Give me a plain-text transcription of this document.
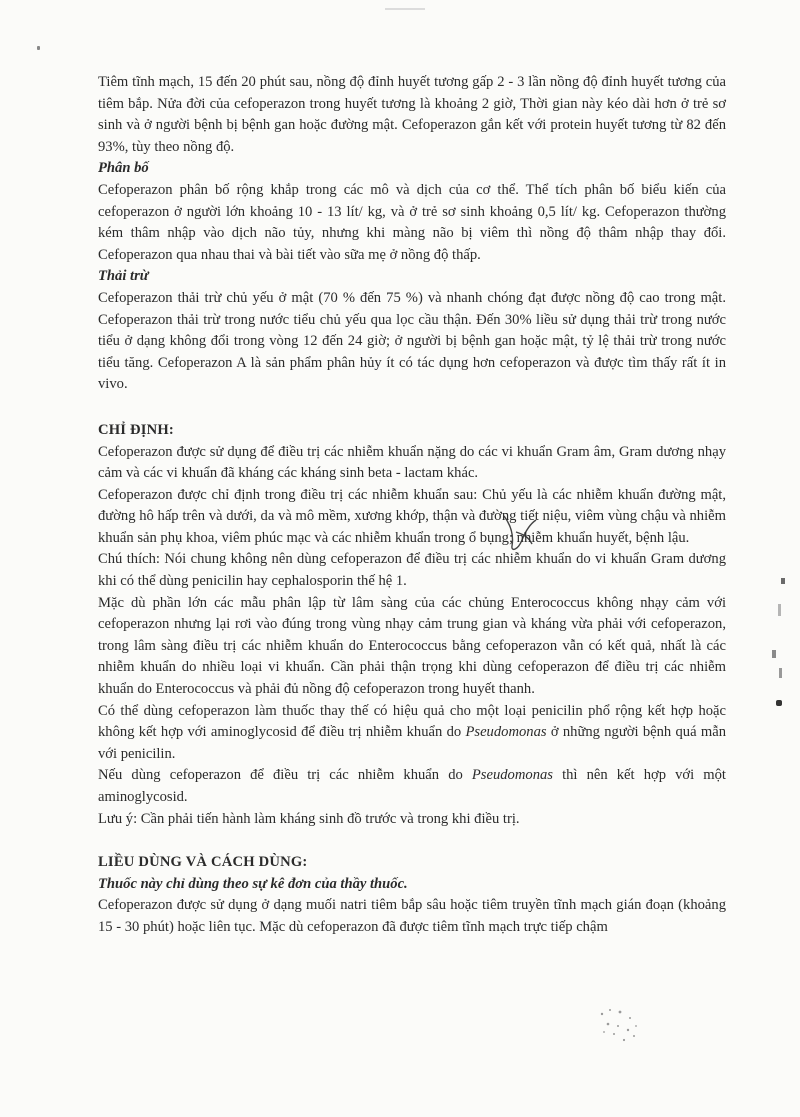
Tiêm tĩnh mạch, 15 đến 20 phút sau, nồng độ đỉnh huyết tương gấp 2 - 3 lần nồng độ đỉnh huyết tương của tiêm bắp. Nửa đời của cefoperazon trong huyết tương là khoảng 2 giờ, Thời gian này kéo dài hơn ở trẻ sơ sinh và ở người bệnh bị bệnh gan hoặc đường mật. Cefoperazon gắn kết với protein huyết tương từ 82 đến 93%, tùy theo nồng độ.

Phân bố

Cefoperazon phân bố rộng khắp trong các mô và dịch của cơ thể. Thể tích phân bố biểu kiến của cefoperazon ở người lớn khoảng 10 - 13 lít/ kg, và ở trẻ sơ sinh khoảng 0,5 lít/ kg. Cefoperazon thường kém thâm nhập vào dịch não tủy, nhưng khi màng não bị viêm thì nồng độ thâm nhập thay đổi. Cefoperazon qua nhau thai và bài tiết vào sữa mẹ ở nồng độ thấp.

Thải trừ

Cefoperazon thải trừ chủ yếu ở mật (70 % đến 75 %) và nhanh chóng đạt được nồng độ cao trong mật. Cefoperazon thải trừ trong nước tiểu chủ yếu qua lọc cầu thận. Đến 30% liều sử dụng thải trừ trong nước tiểu ở dạng không đổi trong vòng 12 đến 24 giờ; ở người bị bệnh gan hoặc mật, tỷ lệ thải trừ trong nước tiểu tăng. Cefoperazon A là sản phẩm phân hủy ít có tác dụng hơn cefoperazon và được tìm thấy rất ít in vivo.

CHỈ ĐỊNH:

Cefoperazon được sử dụng để điều trị các nhiễm khuẩn nặng do các vi khuẩn Gram âm, Gram dương nhạy cảm và các vi khuẩn đã kháng các kháng sinh beta - lactam khác.

Cefoperazon được chỉ định trong điều trị các nhiễm khuẩn sau: Chủ yếu là các nhiễm khuẩn đường mật, đường hô hấp trên và dưới, da và mô mềm, xương khớp, thận và đường tiết niệu, viêm vùng chậu và nhiễm khuẩn sản phụ khoa, viêm phúc mạc và các nhiễm khuẩn trong ổ bụng; nhiễm khuẩn huyết, bệnh lậu.

Chú thích: Nói chung không nên dùng cefoperazon để điều trị các nhiễm khuẩn do vi khuẩn Gram dương khi có thể dùng penicilin hay cephalosporin thế hệ 1.

Mặc dù phần lớn các mẫu phân lập từ lâm sàng của các chủng Enterococcus không nhạy cảm với cefoperazon nhưng lại rơi vào đúng trong vùng nhạy cảm trung gian và kháng vừa phải với cefoperazon, trong lâm sàng điều trị các nhiễm khuẩn do Enterococcus bằng cefoperazon vẫn có kết quả, nhất là các nhiễm khuẩn do nhiều loại vi khuẩn. Cần phải thận trọng khi dùng cefoperazon để điều trị các nhiễm khuẩn do Enterococcus và phải đủ nồng độ cefoperazon trong huyết thanh.

Có thể dùng cefoperazon làm thuốc thay thế có hiệu quả cho một loại penicilin phổ rộng kết hợp hoặc không kết hợp với aminoglycosid để điều trị nhiễm khuẩn do Pseudomonas ở những người bệnh quá mẫn với penicilin.

Nếu dùng cefoperazon để điều trị các nhiễm khuẩn do Pseudomonas thì nên kết hợp với một aminoglycosid.

Lưu ý: Cần phải tiến hành làm kháng sinh đồ trước và trong khi điều trị.

LIỀU DÙNG VÀ CÁCH DÙNG:

Thuốc này chỉ dùng theo sự kê đơn của thầy thuốc.

Cefoperazon được sử dụng ở dạng muối natri tiêm bắp sâu hoặc tiêm truyền tĩnh mạch gián đoạn (khoảng 15 - 30 phút) hoặc liên tục. Mặc dù cefoperazon đã được tiêm tĩnh mạch trực tiếp chậm
